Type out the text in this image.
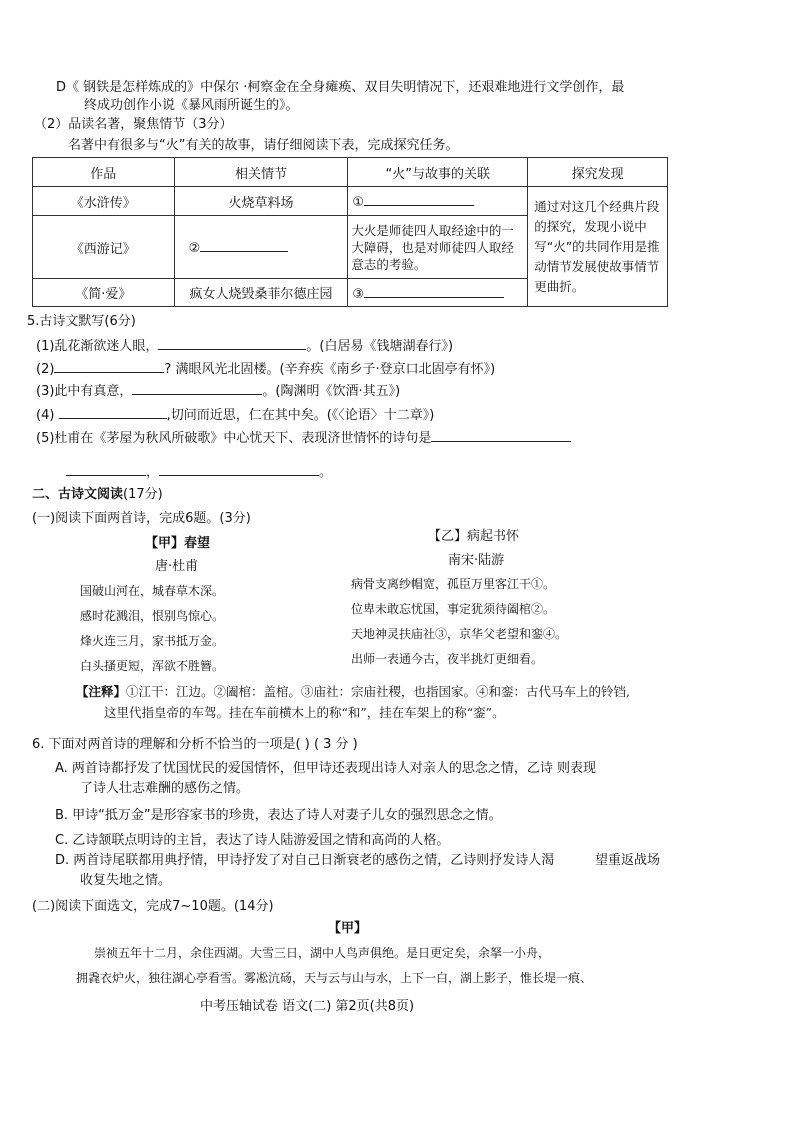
D《 钢铁是怎样炼成的》中保尔 ·柯察金在全身瘫痪、双目失明情况下，还艰难地进行文学创作，最
终成功创作小说《暴风雨所诞生的》。
（2）品读名著，聚焦情节（3分）
名著中有很多与“火”有关的故事，请仔细阅读下表，完成探究任务。
作品	相关情节	“火”与故事的关联	探究发现
《水浒传》	火烧草料场	①	通过对这几个经典片段的探究，发现小说中写“火”的共同作用是推动情节发展使故事情节更曲折。
《西游记》	②	大火是师徒四人取经途中的一大障碍，也是对师徒四人取经意志的考验。	
《简·爱》	疯女人烧毁桑菲尔德庄园	③	
5.古诗文默写(6分)
(1)乱花渐欲迷人眼，	。(白居易《钱塘湖春行》)
(2)	? 满眼风光北固楼。(辛弃疾《南乡子·登京口北固亭有怀》)
(3)此中有真意，	。(陶渊明《饮酒·其五》)
(4)	,切问而近思，仁在其中矣。(《〈论语〉十二章》)
(5)杜甫在《茅屋为秋风所破歌》中心忧天下、表现济世情怀的诗句是
，	。
二、古诗文阅读(17分)
(一)阅读下面两首诗，完成6题。(3分)
【甲】春望
唐·杜甫
国破山河在，城春草木深。
感时花溅泪，恨别鸟惊心。
烽火连三月，家书抵万金。
白头搔更短，浑欲不胜簪。
【乙】病起书怀
南宋·陆游
病骨支离纱帽宽，孤臣万里客江干①。
位卑未敢忘忧国，事定犹须待阖棺②。
天地神灵扶庙社③，京华父老望和銮④。
出师一表通今古，夜半挑灯更细看。
【注释】①江干：江边。②阖棺：盖棺。③庙社：宗庙社稷，也指国家。④和銮：古代马车上的铃铛,
这里代指皇帝的车驾。挂在车前横木上的称“和”，挂在车架上的称“銮”。
6. 下面对两首诗的理解和分析不恰当的一项是( ) ( 3 分 )
A. 两首诗都抒发了忧国忧民的爱国情怀，但甲诗还表现出诗人对亲人的思念之情，乙诗 则表现
了诗人壮志难酬的感伤之情。
B. 甲诗“抵万金”是形容家书的珍贵，表达了诗人对妻子儿女的强烈思念之情。
C. 乙诗颔联点明诗的主旨，表达了诗人陆游爱国之情和高尚的人格。
D. 两首诗尾联都用典抒情，甲诗抒发了对自己日渐衰老的感伤之情，乙诗则抒发诗人渴	望重返战场
收复失地之情。
(二)阅读下面选文，完成7~10题。(14分)
【甲】
崇祯五年十二月，余住西湖。大雪三日，湖中人鸟声俱绝。是日更定矣，余拏一小舟，
拥毳衣炉火，独往湖心亭看雪。雾凇沆砀，天与云与山与水，上下一白，湖上影子，惟长堤一痕、
中考压轴试卷 语文(二) 第2页(共8页)
